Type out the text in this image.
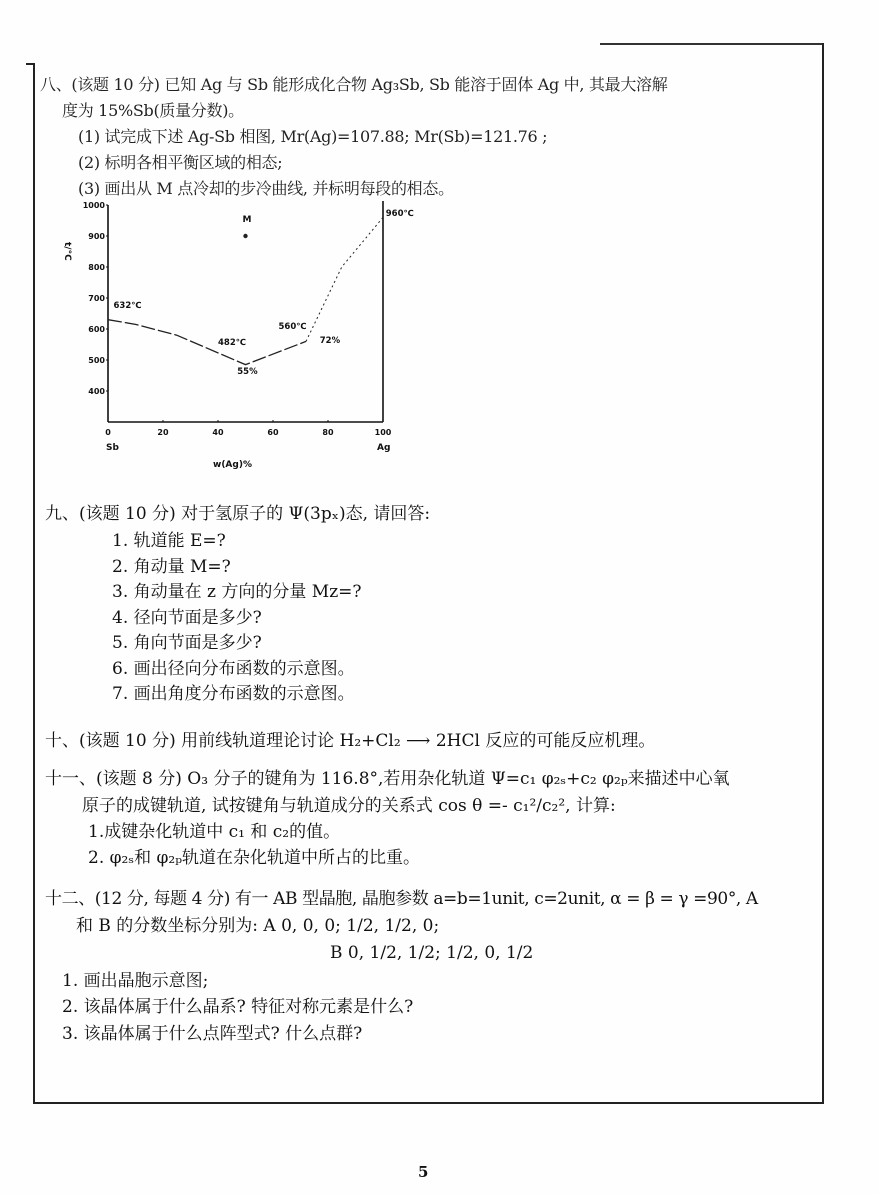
八、(该题 10 分) 已知 Ag 与 Sb 能形成化合物 Ag₃Sb, Sb 能溶于固体 Ag 中, 其最大溶解
度为 15%Sb(质量分数)。
(1) 试完成下述 Ag-Sb 相图, Mr(Ag)=107.88; Mr(Sb)=121.76 ;
(2) 标明各相平衡区域的相态;
(3) 画出从 M 点冷却的步冷曲线, 并标明每段的相态。
1000
900
800
700
600
500
400
0	20	40	60	80	100
632℃
482℃
55%
560℃
72%
960℃
t/°C
w(Ag)%
Sb	Ag
M
九、(该题 10 分) 对于氢原子的 Ψ(3pₓ)态, 请回答:
1. 轨道能 E=?
2. 角动量 M=?
3. 角动量在 z 方向的分量 Mz=?
4. 径向节面是多少?
5. 角向节面是多少?
6. 画出径向分布函数的示意图。
7. 画出角度分布函数的示意图。
十、(该题 10 分) 用前线轨道理论讨论 H₂+Cl₂ ⟶ 2HCl 反应的可能反应机理。
十一、(该题 8 分) O₃ 分子的键角为 116.8°,若用杂化轨道 Ψ=c₁ φ₂ₛ+c₂ φ₂ₚ来描述中心氧
原子的成键轨道, 试按键角与轨道成分的关系式 cos θ =- c₁²/c₂², 计算:
1.成键杂化轨道中 c₁ 和 c₂的值。
2. φ₂ₛ和 φ₂ₚ轨道在杂化轨道中所占的比重。
十二、(12 分, 每题 4 分) 有一 AB 型晶胞, 晶胞参数 a=b=1unit, c=2unit, α = β = γ =90°, A
和 B 的分数坐标分别为: A 0, 0, 0; 1/2, 1/2, 0;
B 0, 1/2, 1/2; 1/2, 0, 1/2
1. 画出晶胞示意图;
2. 该晶体属于什么晶系? 特征对称元素是什么?
3. 该晶体属于什么点阵型式? 什么点群?
5
